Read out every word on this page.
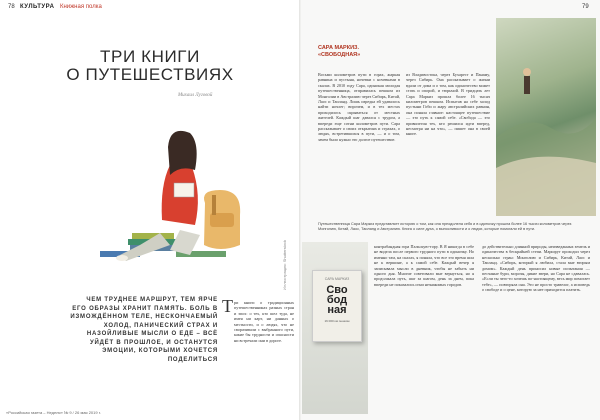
78 КУЛЬТУРА Книжная полка	79
ТРИ КНИГИ
О ПУТЕШЕСТВИЯХ
Михаил Луговой
Иллюстрация: Shutterstock
ЧЕМ ТРУДНЕЕ МАРШРУТ, ТЕМ ЯРЧЕ ЕГО ОБРАЗЫ ХРАНИТ ПАМЯТЬ. БОЛЬ В ИЗМОЖДЁННОМ ТЕЛЕ, НЕСКОНЧАЕМЫЙ ХОЛОД, ПАНИЧЕСКИЙ СТРАХ И НАЗОЙЛИВЫЕ МЫСЛИ О ЕДЕ – ВСЁ УЙДЁТ В ПРОШЛОЕ, И ОСТАНУТСЯ ЭМОЦИИ, КОТОРЫМИ ХОЧЕТСЯ ПОДЕЛИТЬСЯ
Т ри книги о традиционных путешественниках разных стран и эпох: о тех, кто шел туда, не имея ни карт, ни данных о местности, и о людях, что не сворачивали с выбранного пути, какие бы трудности и опасности ни встречали они в дороге.
САРА МАРКИЗ.
«СВОБОДНАЯ»
Восьми километров пути в горах, жаркая равнина и пустыня, ночевки с ночевками в скалах. В 2010 году Сара, одинокая молодая путешественница, отправилась пешком из Монголии в Австралию через Сибирь, Китай, Лаос и Таиланд. Лишь изредка ей удавалось найти ночлег; впрочем, и в тех местах приходилось скрываться от местных жителей. Каждый шаг давался с трудом, а впереди еще сотни километров пути. Сара рассказывает о своих открытиях и страхах, о людях, встретившихся в пути, — и о том, зачем было нужно это долгое путешествие.
из Владивостока, через Бухарест и Панаму, через Сибирь. Она рассказывает о жизни вдали от дома и о том, как одиночество может стать и опорой, и тюрьмой. В тридцать лет Сара Маркиз прошла более 16 тысяч километров пешком. Испытав на себе холод пустыни Гоби и жару австралийских равнин, она поняла главное: настоящее путешествие — это путь к самой себе. «Свобода — это привилегия тех, кто решился идти вперед, несмотря ни на что», — пишет она в своей книге.
Путешественница Сара Маркиз представляет историю о том, как она преодолела себя и в одиночку прошла более 16 тысяч километров через Монголию, Китай, Лаос, Таиланд и Австралию. Книга о силе духа, о выносливости и о людях, которые помогали ей в пути.
САРА МАРКИЗ
Сво
бод
ная
16 000 км пешком
контрабандная гора Пальскую-тору. В Я никогда в себе не видела после первого трудного пути в одиночку. Но именно там, на скалах, я поняла, что все это время шла не к вершине, а к самой себе. Каждый вечер я записывала мысли в дневник, чтобы не забыть ни одного дня. Многие советовали мне вернуться, но я продолжала путь, шаг за шагом, день за днем, пока впереди не показались огни незнакомых городов.
до действительно длинной природы, неизведанных земель и одиночества в бескрайней степи. Маршрут проходил через несколько стран: Монголию и Сибирь, Китай, Лаос и Таиланд. «Сибирь, который я любила, стала мне вторым домом». Каждый день приносил новые испытания — песчаные бури, морозы, дикие звери, но Сара не сдавалась. «Если ты чего-то хочешь по-настоящему, весь мир помогает тебе», — повторяла она. Это не просто травелог, а исповедь о свободе и о цене, которую за нее приходится платить.
«Российская газета – Неделя» № 9 / 26 мая 2019 г.
